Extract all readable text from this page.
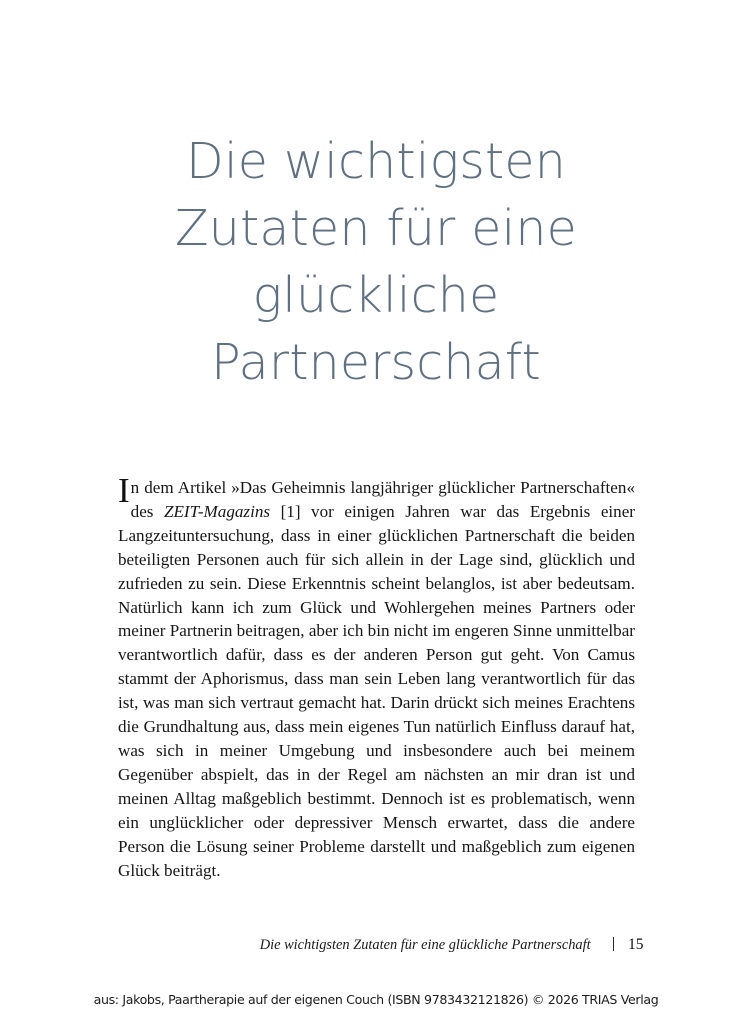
Die wichtigsten
Zutaten für eine
glückliche
Partnerschaft

In dem Artikel »Das Geheimnis langjähriger glücklicher Partnerschaften« des ZEIT-Magazins [1] vor einigen Jahren war das Ergebnis einer Langzeituntersuchung, dass in einer glücklichen Partnerschaft die beiden beteiligten Personen auch für sich allein in der Lage sind, glücklich und zufrieden zu sein. Diese Erkenntnis scheint belanglos, ist aber bedeutsam. Natürlich kann ich zum Glück und Wohlergehen meines Partners oder meiner Partnerin beitragen, aber ich bin nicht im engeren Sinne unmittelbar verantwortlich dafür, dass es der anderen Person gut geht. Von Camus stammt der Aphorismus, dass man sein Leben lang verantwortlich für das ist, was man sich vertraut gemacht hat. Darin drückt sich meines Erachtens die Grundhaltung aus, dass mein eigenes Tun natürlich Einfluss darauf hat, was sich in meiner Umgebung und insbesondere auch bei meinem Gegenüber abspielt, das in der Regel am nächsten an mir dran ist und meinen Alltag maßgeblich bestimmt. Dennoch ist es problematisch, wenn ein unglücklicher oder depressiver Mensch erwartet, dass die andere Person die Lösung seiner Probleme darstellt und maßgeblich zum eigenen Glück beiträgt.

Die wichtigsten Zutaten für eine glückliche Partnerschaft 15
aus: Jakobs, Paartherapie auf der eigenen Couch (ISBN 9783432121826) © 2026 TRIAS Verlag
